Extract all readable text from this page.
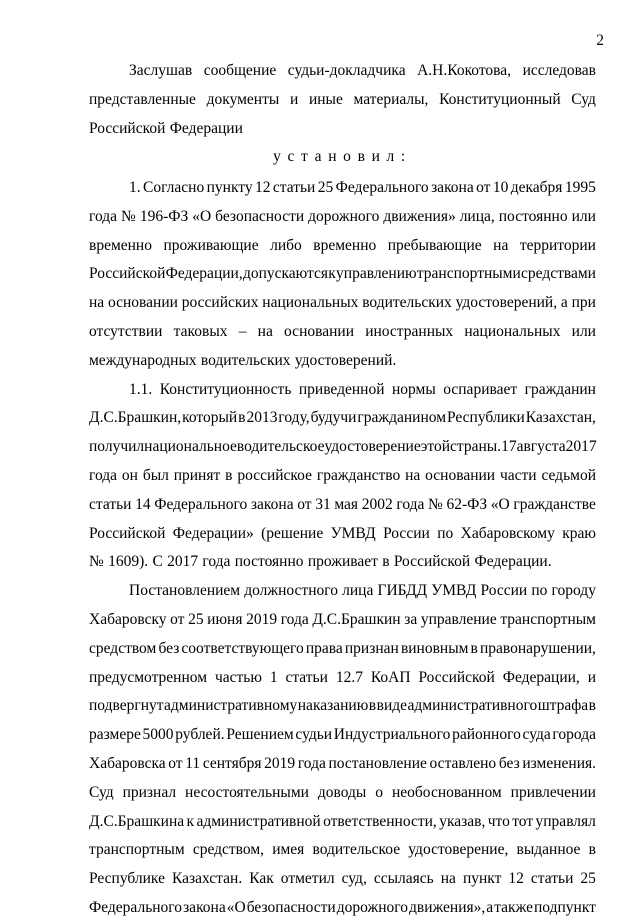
2
Заслушав сообщение судьи-докладчика А.Н.Кокотова, исследовав
представленные документы и иные материалы, Конституционный Суд
Российской Федерации
установил:
1. Согласно пункту 12 статьи 25 Федерального закона от 10 декабря 1995
года № 196-ФЗ «О безопасности дорожного движения» лица, постоянно или
временно проживающие либо временно пребывающие на территории
Российской Федерации, допускаются к управлению транспортными средствами
на основании российских национальных водительских удостоверений, а при
отсутствии таковых – на основании иностранных национальных или
международных водительских удостоверений.
1.1. Конституционность приведенной нормы оспаривает гражданин
Д.С.Брашкин, который в 2013 году, будучи гражданином Республики Казахстан,
получил национальное водительское удостоверение этой страны. 17 августа 2017
года он был принят в российское гражданство на основании части седьмой
статьи 14 Федерального закона от 31 мая 2002 года № 62-ФЗ «О гражданстве
Российской Федерации» (решение УМВД России по Хабаровскому краю
№ 1609). С 2017 года постоянно проживает в Российской Федерации.
Постановлением должностного лица ГИБДД УМВД России по городу
Хабаровску от 25 июня 2019 года Д.С.Брашкин за управление транспортным
средством без соответствующего права признан виновным в правонарушении,
предусмотренном частью 1 статьи 12.7 КоАП Российской Федерации, и
подвергнут административному наказанию в виде административного штрафа в
размере 5000 рублей. Решением судьи Индустриального районного суда города
Хабаровска от 11 сентября 2019 года постановление оставлено без изменения.
Суд признал несостоятельными доводы о необоснованном привлечении
Д.С.Брашкина к административной ответственности, указав, что тот управлял
транспортным средством, имея водительское удостоверение, выданное в
Республике Казахстан. Как отметил суд, ссылаясь на пункт 12 статьи 25
Федерального закона «О безопасности дорожного движения», а также подпункт
